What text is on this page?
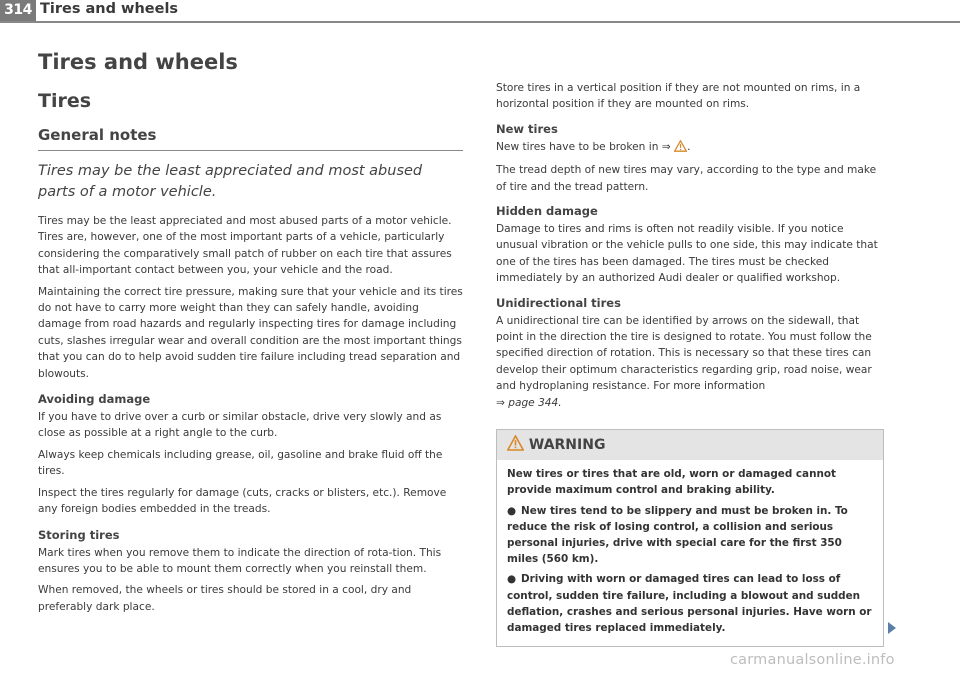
314 Tires and wheels
Tires and wheels
Tires
General notes
Tires may be the least appreciated and most abused parts of a motor vehicle.

Tires may be the least appreciated and most abused parts of a motor vehicle. Tires are, however, one of the most important parts of a vehicle, particularly considering the comparatively small patch of rubber on each tire that assures that all-important contact between you, your vehicle and the road.

Maintaining the correct tire pressure, making sure that your vehicle and its tires do not have to carry more weight than they can safely handle, avoiding damage from road hazards and regularly inspecting tires for damage including cuts, slashes irregular wear and overall condition are the most important things that you can do to help avoid sudden tire failure including tread separation and blowouts.

Avoiding damage

If you have to drive over a curb or similar obstacle, drive very slowly and as close as possible at a right angle to the curb.

Always keep chemicals including grease, oil, gasoline and brake fluid off the tires.

Inspect the tires regularly for damage (cuts, cracks or blisters, etc.). Remove any foreign bodies embedded in the treads.

Storing tires

Mark tires when you remove them to indicate the direction of rota-tion. This ensures you to be able to mount them correctly when you reinstall them.

When removed, the wheels or tires should be stored in a cool, dry and preferably dark place.

Store tires in a vertical position if they are not mounted on rims, in a horizontal position if they are mounted on rims.

New tires

New tires have to be broken in ⇒ .

The tread depth of new tires may vary, according to the type and make of tire and the tread pattern.

Hidden damage

Damage to tires and rims is often not readily visible. If you notice unusual vibration or the vehicle pulls to one side, this may indicate that one of the tires has been damaged. The tires must be checked immediately by an authorized Audi dealer or qualified workshop.

Unidirectional tires

A unidirectional tire can be identified by arrows on the sidewall, that point in the direction the tire is designed to rotate. You must follow the specified direction of rotation. This is necessary so that these tires can develop their optimum characteristics regarding grip, road noise, wear and hydroplaning resistance. For more information
⇒ page 344.

WARNING

New tires or tires that are old, worn or damaged cannot provide maximum control and braking ability.

● New tires tend to be slippery and must be broken in. To reduce the risk of losing control, a collision and serious personal injuries, drive with special care for the first 350 miles (560 km).

● Driving with worn or damaged tires can lead to loss of control, sudden tire failure, including a blowout and sudden deflation, crashes and serious personal injuries. Have worn or damaged tires replaced immediately.

carmanualsonline.info
